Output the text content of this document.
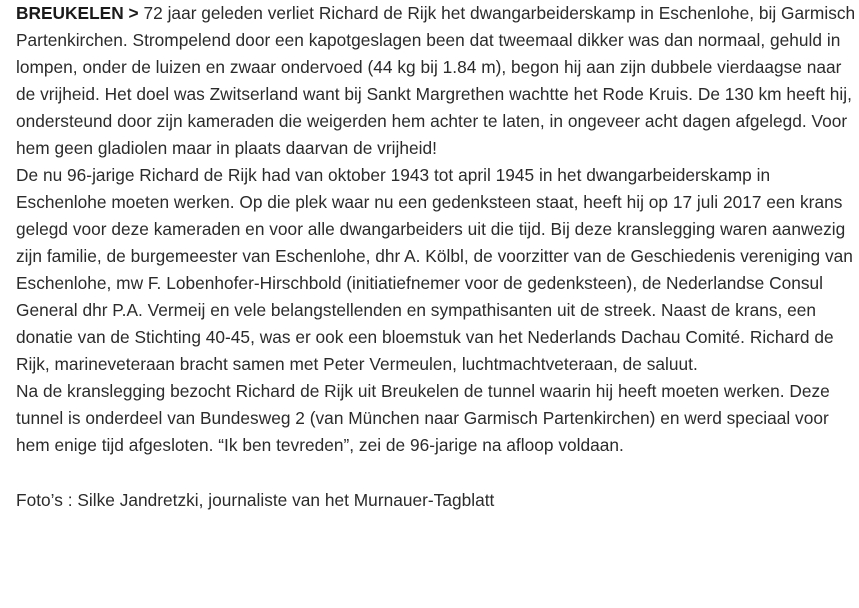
BREUKELEN > 72 jaar geleden verliet Richard de Rijk het dwangarbeiderskamp in Eschenlohe, bij Garmisch Partenkirchen. Strompelend door een kapotgeslagen been dat tweemaal dikker was dan normaal, gehuld in lompen, onder de luizen en zwaar ondervoed (44 kg bij 1.84 m), begon hij aan zijn dubbele vierdaagse naar de vrijheid. Het doel was Zwitserland want bij Sankt Margrethen wachtte het Rode Kruis. De 130 km heeft hij, ondersteund door zijn kameraden die weigerden hem achter te laten, in ongeveer acht dagen afgelegd. Voor hem geen gladiolen maar in plaats daarvan de vrijheid!

De nu 96-jarige Richard de Rijk had van oktober 1943 tot april 1945 in het dwangarbeiderskamp in Eschenlohe moeten werken. Op die plek waar nu een gedenksteen staat, heeft hij op 17 juli 2017 een krans gelegd voor deze kameraden en voor alle dwangarbeiders uit die tijd. Bij deze kranslegging waren aanwezig zijn familie, de burgemeester van Eschenlohe, dhr A. Kölbl, de voorzitter van de Geschiedenis vereniging van Eschenlohe, mw F. Lobenhofer-Hirschbold (initiatiefnemer voor de gedenksteen), de Nederlandse Consul General dhr P.A. Vermeij en vele belangstellenden en sympathisanten uit de streek. Naast de krans, een donatie van de Stichting 40-45, was er ook een bloemstuk van het Nederlands Dachau Comité. Richard de Rijk, marineveteraan bracht samen met Peter Vermeulen, luchtmachtveteraan, de saluut.

Na de kranslegging bezocht Richard de Rijk uit Breukelen de tunnel waarin hij heeft moeten werken. Deze tunnel is onderdeel van Bundesweg 2 (van München naar Garmisch Partenkirchen) en werd speciaal voor hem enige tijd afgesloten. “Ik ben tevreden”, zei de 96-jarige na afloop voldaan.

Foto’s : Silke Jandretzki, journaliste van het Murnauer-Tagblatt
